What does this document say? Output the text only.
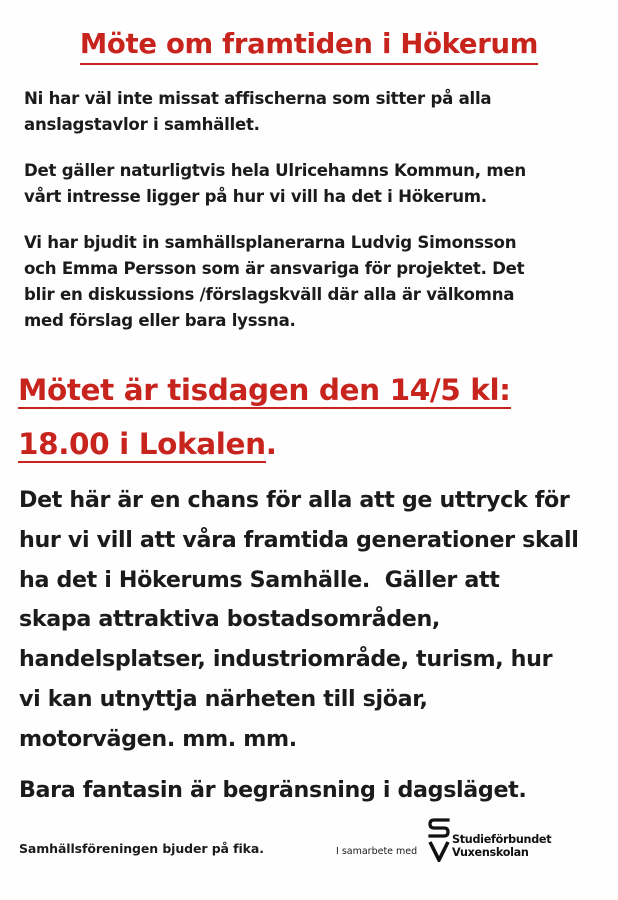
Möte om framtiden i Hökerum
Ni har väl inte missat affischerna som sitter på alla
anslagstavlor i samhället.
Det gäller naturligtvis hela Ulricehamns Kommun, men
vårt intresse ligger på hur vi vill ha det i Hökerum.
Vi har bjudit in samhällsplanerarna Ludvig Simonsson
och Emma Persson som är ansvariga för projektet. Det
blir en diskussions /förslagskväll där alla är välkomna
med förslag eller bara lyssna.
Mötet är tisdagen den 14/5 kl:
18.00 i Lokalen.
Det här är en chans för alla att ge uttryck för
hur vi vill att våra framtida generationer skall
ha det i Hökerums Samhälle.  Gäller att
skapa attraktiva bostadsområden,
handelsplatser, industriområde, turism, hur
vi kan utnyttja närheten till sjöar,
motorvägen. mm. mm.
Bara fantasin är begränsning i dagsläget.
Samhällsföreningen bjuder på fika.	I samarbete med
Studieförbundet
Vuxenskolan
